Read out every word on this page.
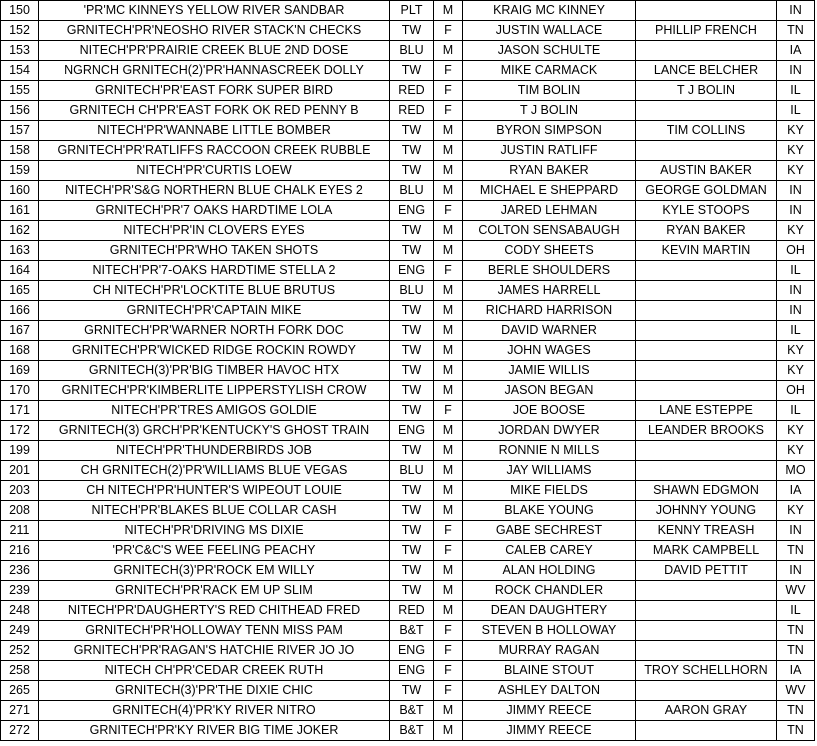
150	'PR'MC KINNEYS YELLOW RIVER SANDBAR	PLT	M	KRAIG MC KINNEY		IN
152	GRNITECH'PR'NEOSHO RIVER STACK'N CHECKS	TW	F	JUSTIN WALLACE	PHILLIP FRENCH	TN
153	NITECH'PR'PRAIRIE CREEK BLUE 2ND DOSE	BLU	M	JASON SCHULTE		IA
154	NGRNCH GRNITECH(2)'PR'HANNASCREEK DOLLY	TW	F	MIKE CARMACK	LANCE BELCHER	IN
155	GRNITECH'PR'EAST FORK SUPER BIRD	RED	F	TIM BOLIN	T J BOLIN	IL
156	GRNITECH CH'PR'EAST FORK OK RED PENNY B	RED	F	T J BOLIN		IL
157	NITECH'PR'WANNABE LITTLE BOMBER	TW	M	BYRON SIMPSON	TIM COLLINS	KY
158	GRNITECH'PR'RATLIFFS RACCOON CREEK RUBBLE	TW	M	JUSTIN RATLIFF		KY
159	NITECH'PR'CURTIS LOEW	TW	M	RYAN BAKER	AUSTIN BAKER	KY
160	NITECH'PR'S&G NORTHERN BLUE CHALK EYES 2	BLU	M	MICHAEL E SHEPPARD	GEORGE GOLDMAN	IN
161	GRNITECH'PR'7 OAKS HARDTIME LOLA	ENG	F	JARED LEHMAN	KYLE STOOPS	IN
162	NITECH'PR'IN CLOVERS EYES	TW	M	COLTON SENSABAUGH	RYAN BAKER	KY
163	GRNITECH'PR'WHO TAKEN SHOTS	TW	M	CODY SHEETS	KEVIN MARTIN	OH
164	NITECH'PR'7-OAKS HARDTIME STELLA 2	ENG	F	BERLE SHOULDERS		IL
165	CH NITECH'PR'LOCKTITE BLUE BRUTUS	BLU	M	JAMES HARRELL		IN
166	GRNITECH'PR'CAPTAIN MIKE	TW	M	RICHARD HARRISON		IN
167	GRNITECH'PR'WARNER NORTH FORK DOC	TW	M	DAVID WARNER		IL
168	GRNITECH'PR'WICKED RIDGE ROCKIN ROWDY	TW	M	JOHN WAGES		KY
169	GRNITECH(3)'PR'BIG TIMBER HAVOC HTX	TW	M	JAMIE WILLIS		KY
170	GRNITECH'PR'KIMBERLITE LIPPERSTYLISH CROW	TW	M	JASON BEGAN		OH
171	NITECH'PR'TRES AMIGOS GOLDIE	TW	F	JOE BOOSE	LANE ESTEPPE	IL
172	GRNITECH(3) GRCH'PR'KENTUCKY'S GHOST TRAIN	ENG	M	JORDAN DWYER	LEANDER BROOKS	KY
199	NITECH'PR'THUNDERBIRDS JOB	TW	M	RONNIE N MILLS		KY
201	CH GRNITECH(2)'PR'WILLIAMS BLUE VEGAS	BLU	M	JAY WILLIAMS		MO
203	CH NITECH'PR'HUNTER'S WIPEOUT LOUIE	TW	M	MIKE FIELDS	SHAWN EDGMON	IA
208	NITECH'PR'BLAKES BLUE COLLAR CASH	TW	M	BLAKE YOUNG	JOHNNY YOUNG	KY
211	NITECH'PR'DRIVING MS DIXIE	TW	F	GABE SECHREST	KENNY TREASH	IN
216	'PR'C&C'S WEE FEELING PEACHY	TW	F	CALEB CAREY	MARK CAMPBELL	TN
236	GRNITECH(3)'PR'ROCK EM WILLY	TW	M	ALAN HOLDING	DAVID PETTIT	IN
239	GRNITECH'PR'RACK EM UP SLIM	TW	M	ROCK CHANDLER		WV
248	NITECH'PR'DAUGHERTY'S RED CHITHEAD FRED	RED	M	DEAN DAUGHTERY		IL
249	GRNITECH'PR'HOLLOWAY TENN MISS PAM	B&T	F	STEVEN B HOLLOWAY		TN
252	GRNITECH'PR'RAGAN'S HATCHIE RIVER JO JO	ENG	F	MURRAY RAGAN		TN
258	NITECH CH'PR'CEDAR CREEK RUTH	ENG	F	BLAINE STOUT	TROY SCHELLHORN	IA
265	GRNITECH(3)'PR'THE DIXIE CHIC	TW	F	ASHLEY DALTON		WV
271	GRNITECH(4)'PR'KY RIVER NITRO	B&T	M	JIMMY REECE	AARON GRAY	TN
272	GRNITECH'PR'KY RIVER BIG TIME JOKER	B&T	M	JIMMY REECE		TN
